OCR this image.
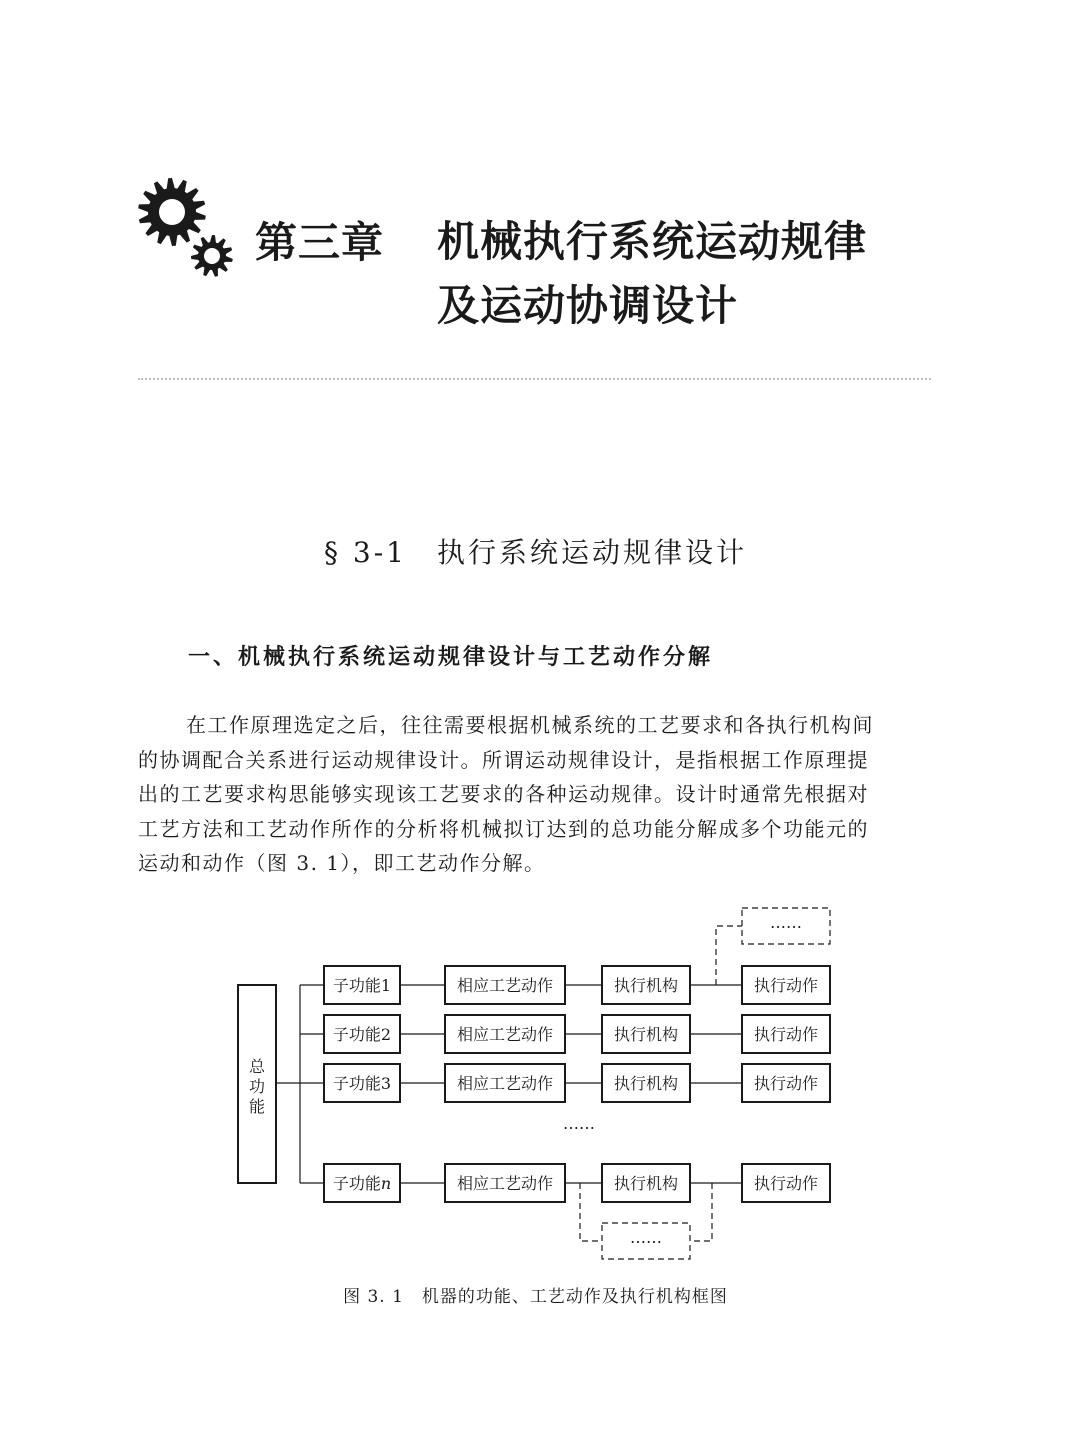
第三章 机械执行系统运动规律
及运动协调设计
§ 3-1 执行系统运动规律设计
一、机械执行系统运动规律设计与工艺动作分解
在工作原理选定之后，往往需要根据机械系统的工艺要求和各执行机构间
的协调配合关系进行运动规律设计。所谓运动规律设计，是指根据工作原理提
出的工艺要求构思能够实现该工艺要求的各种运动规律。设计时通常先根据对
工艺方法和工艺动作所作的分析将机械拟订达到的总功能分解成多个功能元的
运动和动作（图 3. 1），即工艺动作分解。
总
功
能
子功能1	相应工艺动作	执行机构	执行动作
子功能2	相应工艺动作	执行机构	执行动作
子功能3	相应工艺动作	执行机构	执行动作
……
子功能n	相应工艺动作	执行机构	执行动作
……
……
图 3. 1 机器的功能、工艺动作及执行机构框图
